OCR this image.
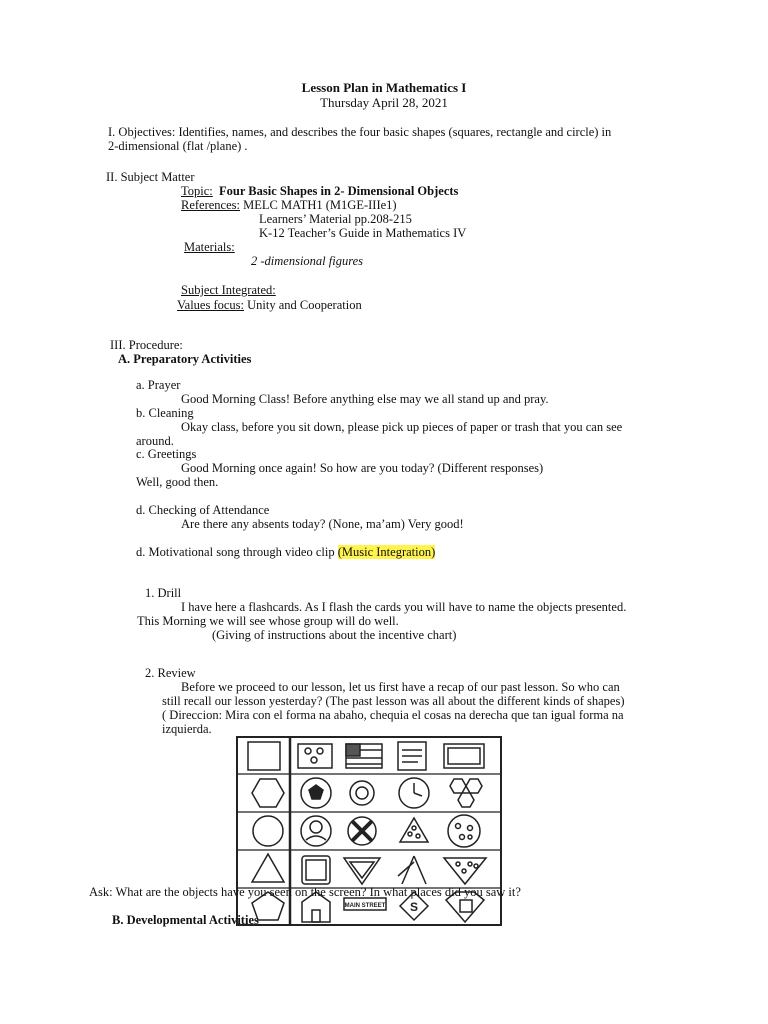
Lesson Plan in Mathematics I
Thursday April 28, 2021
I. Objectives: Identifies, names, and describes the four basic shapes (squares, rectangle and circle) in
2-dimensional (flat /plane) .
II. Subject Matter
Topic: Four Basic Shapes in 2- Dimensional Objects
References: MELC MATH1 (M1GE-IIIe1)
Learners’ Material pp.208-215
K-12 Teacher’s Guide in Mathematics IV
Materials:
2 -dimensional figures
Subject Integrated:
Values focus: Unity and Cooperation
III. Procedure:
A. Preparatory Activities
a. Prayer
Good Morning Class! Before anything else may we all stand up and pray.
b. Cleaning
Okay class, before you sit down, please pick up pieces of paper or trash that you can see
around.
c. Greetings
Good Morning once again! So how are you today? (Different responses)
Well, good then.
d. Checking of Attendance
Are there any absents today? (None, ma’am) Very good!
d. Motivational song through video clip (Music Integration)
1. Drill
I have here a flashcards. As I flash the cards you will have to name the objects presented.
This Morning we will see whose group will do well.
(Giving of instructions about the incentive chart)
2. Review
Before we proceed to our lesson, let us first have a recap of our past lesson. So who can
still recall our lesson yesterday? (The past lesson was all about the different kinds of shapes)
( Direccion: Mira con el forma na abaho, chequia el cosas na derecha que tan igual forma na
izquierda.
MAIN STREET S
Ask: What are the objects have you seen on the screen? In what places did you saw it?
B. Developmental Activities
